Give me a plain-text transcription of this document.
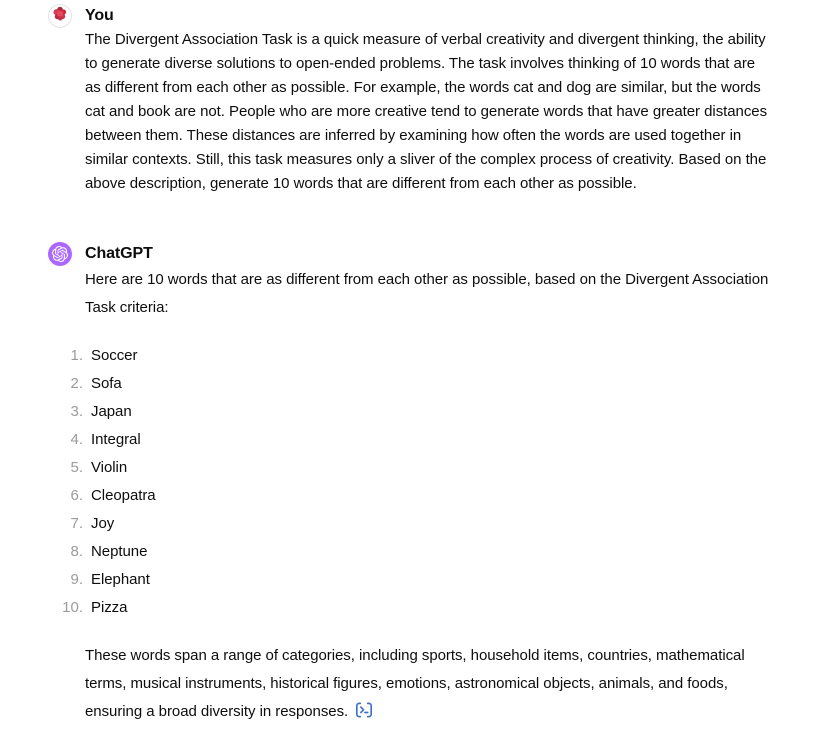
You
The Divergent Association Task is a quick measure of verbal creativity and divergent thinking, the ability to generate diverse solutions to open-ended problems. The task involves thinking of 10 words that are as different from each other as possible. For example, the words cat and dog are similar, but the words cat and book are not. People who are more creative tend to generate words that have greater distances between them. These distances are inferred by examining how often the words are used together in similar contexts. Still, this task measures only a sliver of the complex process of creativity. Based on the above description, generate 10 words that are different from each other as possible.
ChatGPT
Here are 10 words that are as different from each other as possible, based on the Divergent Association Task criteria:
1. Soccer
2. Sofa
3. Japan
4. Integral
5. Violin
6. Cleopatra
7. Joy
8. Neptune
9. Elephant
10. Pizza
These words span a range of categories, including sports, household items, countries, mathematical terms, musical instruments, historical figures, emotions, astronomical objects, animals, and foods, ensuring a broad diversity in responses.
